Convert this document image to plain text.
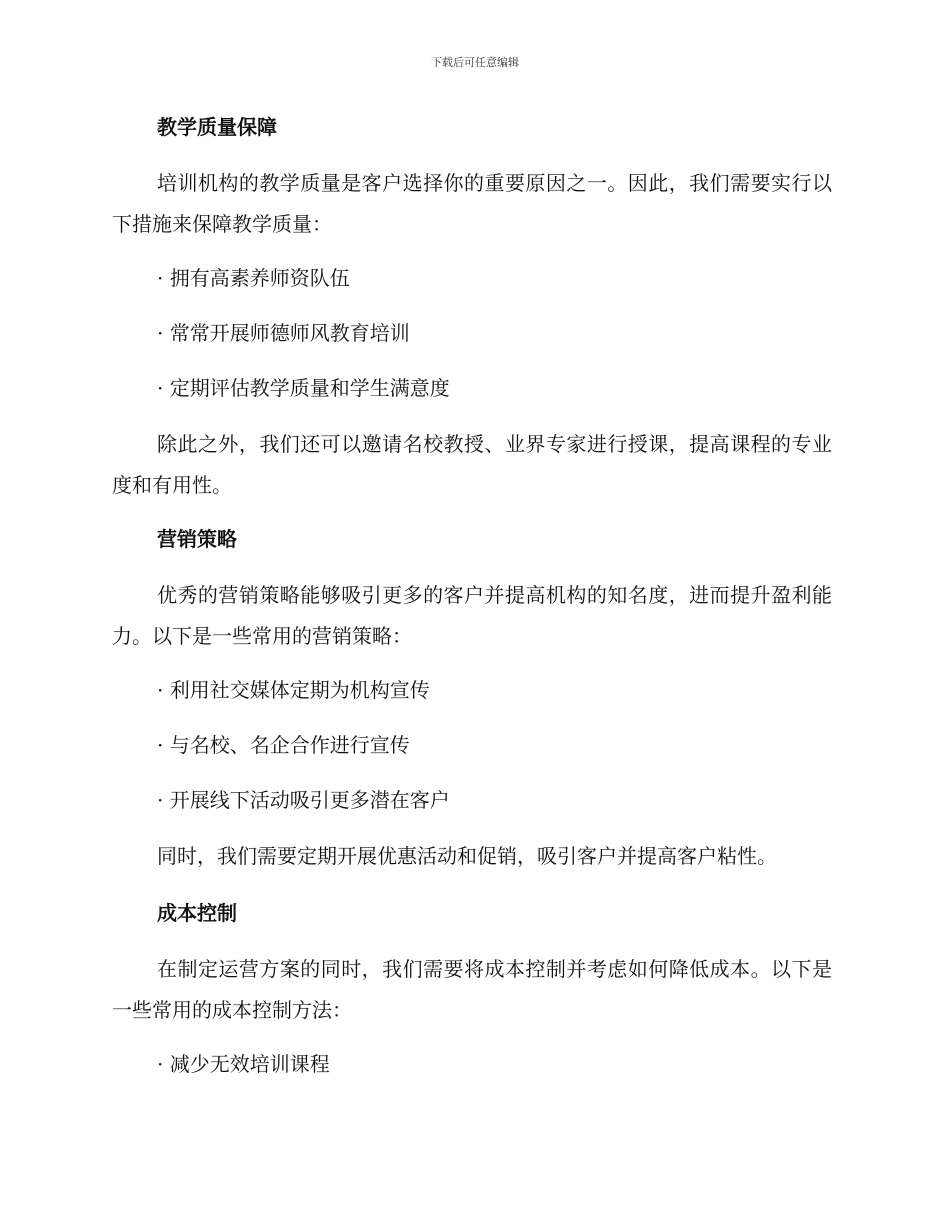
下载后可任意编辑
教学质量保障

培训机构的教学质量是客户选择你的重要原因之一。因此，我们需要实行以下措施来保障教学质量：

· 拥有高素养师资队伍

· 常常开展师德师风教育培训

· 定期评估教学质量和学生满意度

除此之外，我们还可以邀请名校教授、业界专家进行授课，提高课程的专业度和有用性。

营销策略

优秀的营销策略能够吸引更多的客户并提高机构的知名度，进而提升盈利能力。以下是一些常用的营销策略：

· 利用社交媒体定期为机构宣传

· 与名校、名企合作进行宣传

· 开展线下活动吸引更多潜在客户

同时，我们需要定期开展优惠活动和促销，吸引客户并提高客户粘性。

成本控制

在制定运营方案的同时，我们需要将成本控制并考虑如何降低成本。以下是一些常用的成本控制方法：

· 减少无效培训课程
